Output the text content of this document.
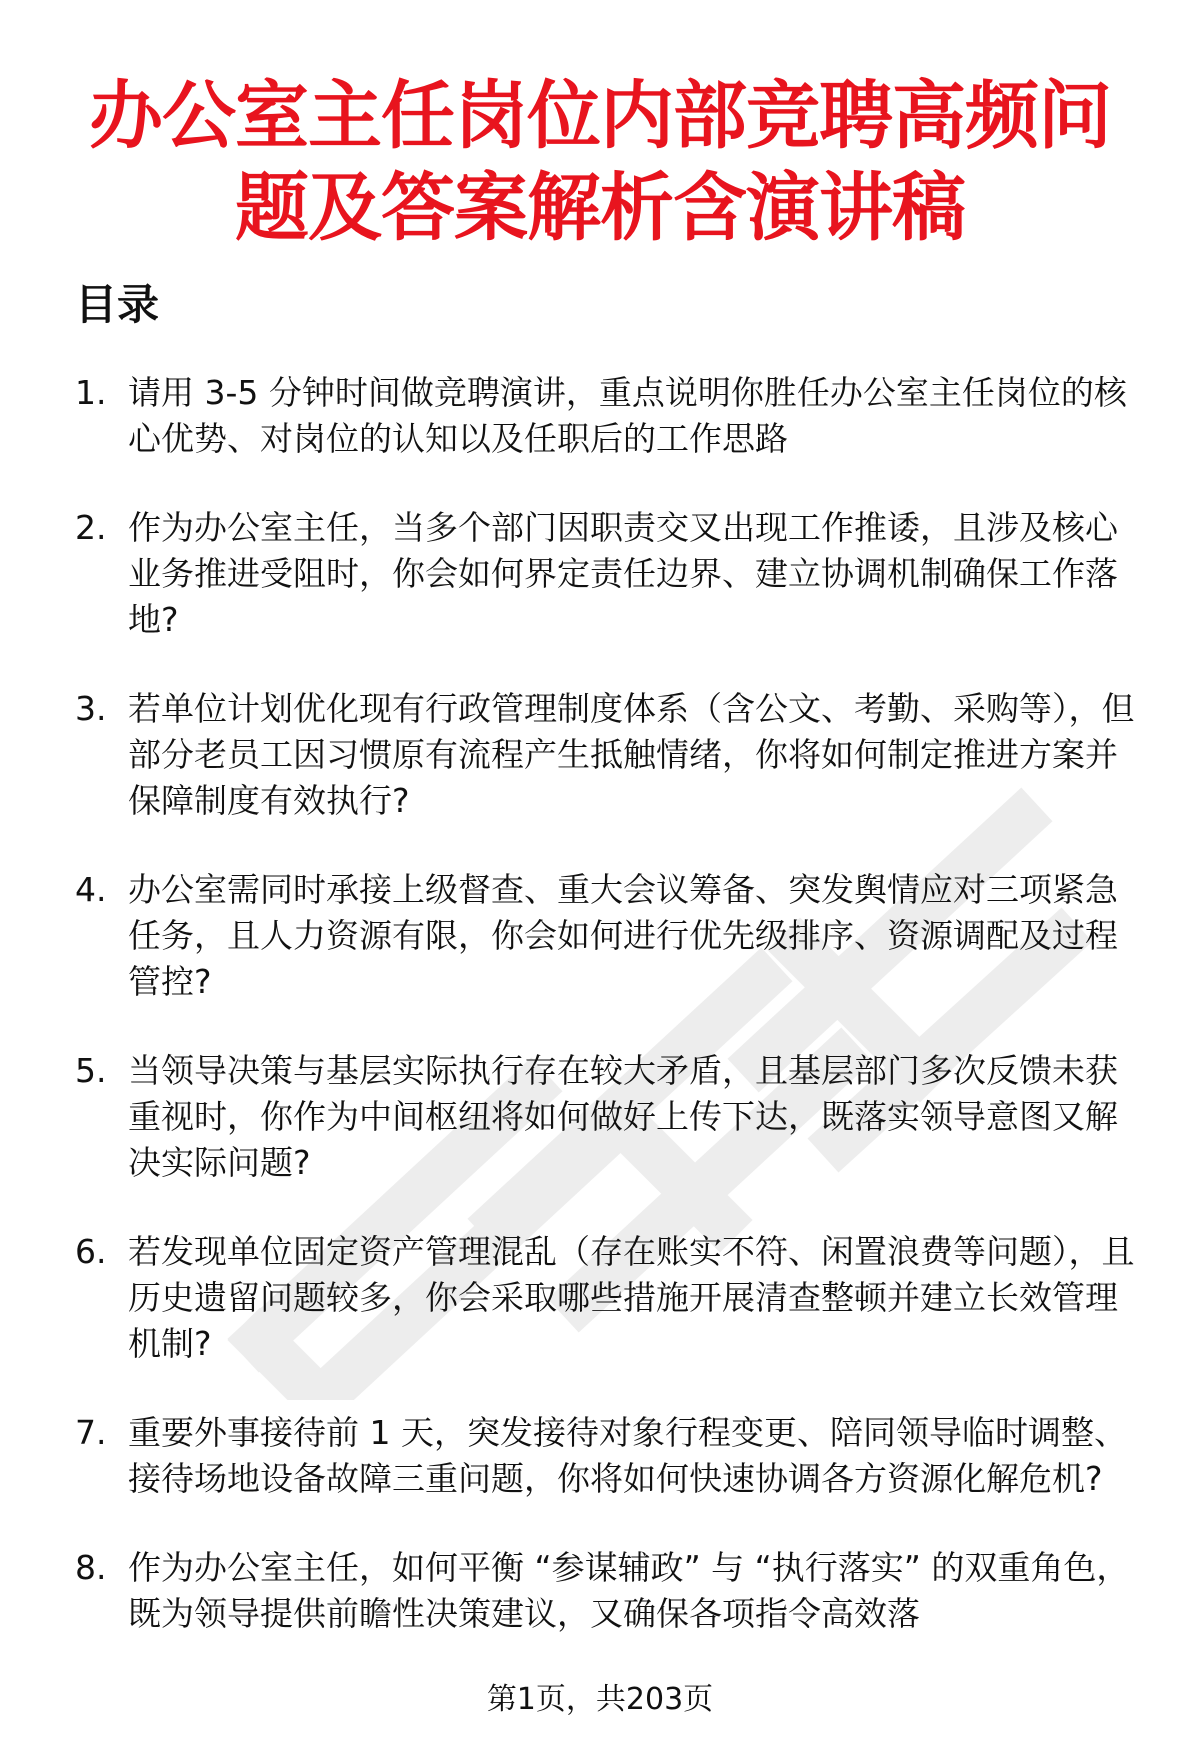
办公室主任岗位内部竞聘高频问题及答案解析含演讲稿
目录
1. 请用 3-5 分钟时间做竞聘演讲，重点说明你胜任办公室主任岗位的核心优势、对岗位的认知以及任职后的工作思路
2. 作为办公室主任，当多个部门因职责交叉出现工作推诿，且涉及核心业务推进受阻时，你会如何界定责任边界、建立协调机制确保工作落地?
3. 若单位计划优化现有行政管理制度体系（含公文、考勤、采购等），但部分老员工因习惯原有流程产生抵触情绪，你将如何制定推进方案并保障制度有效执行?
4. 办公室需同时承接上级督查、重大会议筹备、突发舆情应对三项紧急任务，且人力资源有限，你会如何进行优先级排序、资源调配及过程管控?
5. 当领导决策与基层实际执行存在较大矛盾，且基层部门多次反馈未获重视时，你作为中间枢纽将如何做好上传下达，既落实领导意图又解决实际问题?
6. 若发现单位固定资产管理混乱（存在账实不符、闲置浪费等问题），且历史遗留问题较多，你会采取哪些措施开展清查整顿并建立长效管理机制?
7. 重要外事接待前 1 天，突发接待对象行程变更、陪同领导临时调整、接待场地设备故障三重问题，你将如何快速协调各方资源化解危机?
8. 作为办公室主任，如何平衡 “参谋辅政” 与 “执行落实” 的双重角色，既为领导提供前瞻性决策建议，又确保各项指令高效落
第1页，共203页
